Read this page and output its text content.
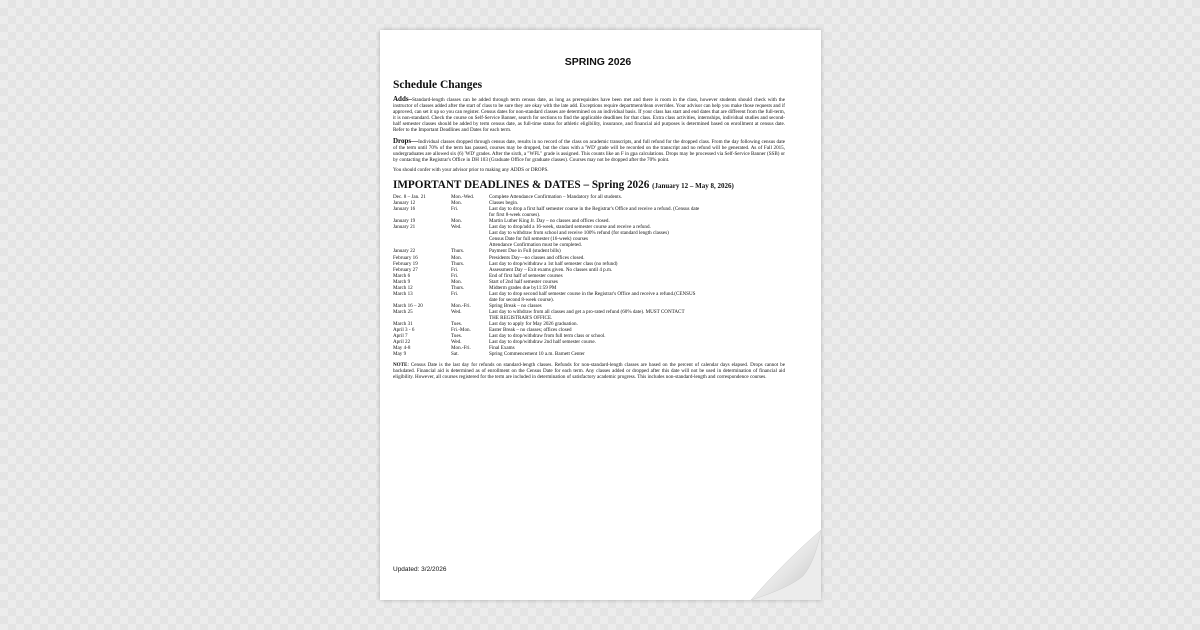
SPRING 2026
Schedule Changes

Adds–Standard-length classes can be added through term census date, as long as prerequisites have been met and there is room in the class, however students should check with the instructor of classes added after the start of class to be sure they are okay with the late add. Exceptions require department/dean overrides. Your advisor can help you make those requests and if approved, can set it up so you can register. Census dates for non-standard classes are determined on an individual basis. If your class has start and end dates that are different from the full-term, it is non-standard. Check the course on Self-Service Banner, search for sections to find the applicable deadlines for that class. Extra class activities, internships, individual studies and second-half semester classes should be added by term census date, as full-time status for athletic eligibility, insurance, and financial aid purposes is determined based on enrollment at census date. Refer to the Important Deadlines and Dates for each term.

Drops—Individual classes dropped through census date, results in no record of the class on academic transcripts, and full refund for the dropped class. From the day following census date of the term until 70% of the term has passed, courses may be dropped, but the class with a 'WD' grade will be recorded on the transcript and no refund will be generated. As of Fall 2015, undergraduates are allowed six (6) 'WD' grades. After the sixth, a "WFL" grade is assigned. This counts like an F in gpa calculations. Drops may be processed via Self-Service Banner (SSB) or by contacting the Registrar's Office in DH 103 (Graduate Office for graduate classes). Courses may not be dropped after the 70% point.

You should confer with your advisor prior to making any ADDS or DROPS.

IMPORTANT DEADLINES & DATES – Spring 2026 (January 12 – May 8, 2026)
Dec. 8 – Jan. 21	Mon.-Wed.	Complete Attendance Confirmation – Mandatory for all students.
January 12	Mon.	Classes begin.
January 16	Fri.	Last day to drop a first half semester course in the Registrar's Office and receive a refund. (Census date
for first 8-week courses).
January 19	Mon.	Martin Luther King Jr. Day – no classes and offices closed.
January 21	Wed.	Last day to drop/add a 16-week, standard semester course and receive a refund.
Last day to withdraw from school and receive 100% refund (for standard length classes)
Census Date for full semester (16-week) courses
Attendance Confirmation must be completed.
January 22	Thurs.	Payment Due in Full (student bills)
February 16	Mon.	Presidents Day—no classes and offices closed.
February 19	Thurs.	Last day to drop/withdraw a 1st half semester class (no refund)
February 27	Fri.	Assessment Day – Exit exams given. No classes until 4 p.m.
March 6	Fri.	End of first half of semester courses
March 9	Mon.	Start of 2nd half semester courses
March 12	Thurs.	Midterm grades due by11:59 PM
March 13	Fri.	Last day to drop second half semester course in the Registrar's Office and receive a refund.(CENSUS
date for second 8-week course).
March 16 – 20	Mon.-Fri.	Spring Break – no classes
March 25	Wed.	Last day to withdraw from all classes and get a pro-rated refund (60% date). MUST CONTACT
THE REGISTRAR'S OFFICE.
March 31	Tues.	Last day to apply for May 2026 graduation.
April 3 - 6	Fri.-Mon.	Easter Break – no classes; offices closed
April 7	Tues.	Last day to drop/withdraw from full term class or school.
April 22	Wed.	Last day to drop/withdraw 2nd half semester course.
May 4-8	Mon.-Fri.	Final Exams
May 9	Sat.	Spring Commencement 10 a.m. Barnett Center
NOTE: Census Date is the last day for refunds on standard-length classes. Refunds for non-standard-length classes are based on the percent of calendar days elapsed. Drops cannot be backdated. Financial aid is determined as of enrollment on the Census Date for each term. Any classes added or dropped after this date will not be used in determination of financial aid eligibility. However, all courses registered for the term are included in determination of satisfactory academic progress. This includes non-standard-length and correspondence courses.
Updated: 3/2/2026
